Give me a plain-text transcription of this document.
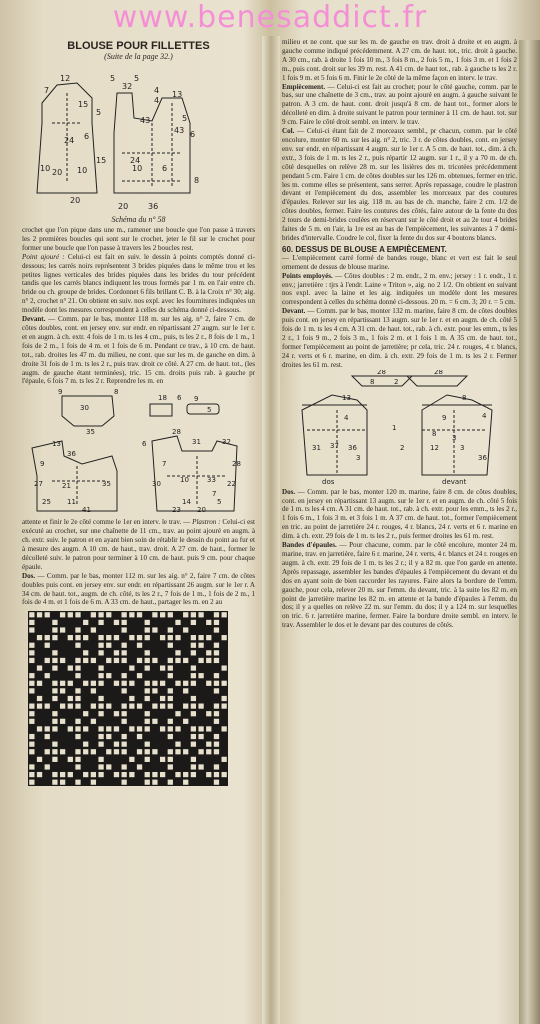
www.benesaddict.fr
BLOUSE POUR FILLETTES
(Suite de la page 32.)
12
7
20
15
5
24 6
20 10
32
5 5
13
4
43
43 6
24
36
8
20
10 6
5
4
15
10
Schéma du n° 58

crochet que l'on pique dans une m., ramener une boucle que l'on passe à travers les 2 premières boucles qui sont sur le crochet, jeter le fil sur le crochet pour former une boucle que l'on passe à travers les 2 boucles rest.

Point ajouré : Celui-ci est fait en suiv. le dessin à points comptés donné ci-dessous; les carrés noirs représentent 3 brides piquées dans le même trou et les petites lignes verticales des brides piquées dans les brides du tour précédent tandis que les carrés blancs indiquent les trous formés par 1 m. en l'air entre ch. bride ou ch. groupe de brides. Cordonnet 6 fils brillant C. B. à la Croix n° 30; aig. n° 2, crochet n° 21. On obtient en suiv. nos expl. avec les fournitures indiquées un modèle dont les mesures correspondent à celles du schéma donné ci-dessous.

Devant. — Comm. par le bas, monter 118 m. sur les aig. n° 2, faire 7 cm. de côtes doubles, cont. en jersey env. sur endr. en répartissant 27 augm. sur le 1er r. et en augm. à ch. extr. 4 fois de 1 m. ts les 4 cm., puis, ts les 2 r., 8 fois de 1 m., 1 fois de 2 m., 1 fois de 4 m. et 1 fois de 6 m. Pendant ce trav., à 10 cm. de haut. tot., rab. droites les 47 m. du milieu, ne cont. que sur les m. de gauche en dim. à droite 31 fois de 1 m. ts les 2 r., puis trav. droit ce côté. A 27 cm. de haut. tot., (les augm. de gauche étant terminées), tric. 15 cm. droits puis rab. à gauche pr l'épaule, 6 fois 7 m. ts les 2 r. Reprendre les m. en

9	8
30
35
18 6 9
5
13
36
27
9
21	35
11
41
25
6
28
31	32
7
10	33 22
14	5
20
7
23
30
28

attente et finir le 2e côté comme le 1er en interv. le trav. — Plastron : Celui-ci est exécuté au crochet, sur une chaînette de 11 cm., trav. au point ajouré en augm. à ch. extr. suiv. le patron et en ayant bien soin de rétablir le dessin du point au fur et à mesure des augm. A 10 cm. de haut., trav. droit. A 27 cm. de haut., former le décolleté suiv. le patron pour terminer à 10 cm. de haut. puis 9 cm. pour chaque épaule.

Dos. — Comm. par le bas, monter 112 m. sur les aig. n° 2, faire 7 cm. de côtes doubles puis cont. en jersey env. sur endr. en répartissant 26 augm. sur le 1er r. A 34 cm. de haut. tot., augm. de ch. côté, ts les 2 r., 7 fois de 1 m., 1 fois de 2 m., 1 fois de 4 m. et 1 fois de 6 m. A 33 cm. de haut., partager les m. en 2 au

milieu et ne cont. que sur les m. de gauche en trav. droit à droite et en augm. à gauche comme indiqué précédemment. A 27 cm. de haut. tot., tric. droit à gauche. A 30 cm., rab. à droite 1 fois 10 m., 3 fois 8 m., 2 fois 5 m., 1 fois 3 m. et 1 fois 2 m., puis cont. droit sur les 39 m. rest. A 41 cm. de haut tot., rab. à gauche ts les 2 r. 1 fois 9 m. et 5 fois 6 m. Finir le 2e côté de la même façon en interv. le trav.

Empiècement. — Celui-ci est fait au crochet; pour le côté gauche, comm. par le bas, sur une chaînette de 3 cm., trav. au point ajouré en augm. à gauche suivant le patron. A 3 cm. de haut. cont. droit jusqu'à 8 cm. de haut tot., former alors le décolleté en dim. à droite suivant le patron pour terminer à 11 cm. de haut. tot. sur 9 cm. Faire le côté droit sembl. en interv. le trav.

Col. — Celui-ci étant fait de 2 morceaux sembl., pr chacun, comm. par le côté encolure, monter 60 m. sur les aig. n° 2, tric. 3 r. de côtes doubles, cont. en jersey env. sur endr. en répartissant 4 augm. sur le 1er r. A 5 cm. de haut. tot., dim. à ch. extr., 3 fois de 1 m. ts les 2 r., puis répartir 12 augm. sur 1 r., il y a 70 m. de ch. côté desquelles on relève 28 m. sur les lisières des m. tricotées précédemment pendant 5 cm. Faire 1 cm. de côtes doubles sur les 126 m. obtenues, fermer en tric. les m. comme elles se présentent, sans serrer. Après repassage, coudre le plastron devant et l'empiècement du dos, assembler les morceaux par des coutures d'épaules. Relever sur les aig. 118 m. au bas de ch. manche, faire 2 cm. 1/2 de côtes doubles, fermer. Faire les coutures des côtés, faire autour de la fente du dos 2 tours de demi-brides coulées en réservant sur le côté droit et au 2e tour 4 brides faites de 5 m. en l'air, la 1re est au bas de l'empiècement, les suivantes à 7 demi-brides d'intervalle. Coudre le col, fixer la fente du dos sur 4 boutons blancs.

60. DESSUS DE BLOUSE A EMPIÈCEMENT.

— L'empiècement carré formé de bandes rouge, blanc et vert est fait le seul ornement de dessus de blouse marine.

Points employés. — Côtes doubles : 2 m. endr., 2 m. env.; jersey : 1 r. endr., 1 r. env.; jarretière : tjrs à l'endr. Laine « Triton », aig. no 2 1/2. On obtient en suivant nos expl. avec la laine et les aig. indiquées un modèle dont les mesures correspondent à celles du schéma donné ci-dessous. 20 m. = 6 cm. 3; 20 r. = 5 cm.

Devant. — Comm. par le bas, monter 132 m. marine, faire 8 cm. de côtes doubles puis cont. en jersey en répartissant 13 augm. sur le 1er r. et en augm. de ch. côté 5 fois de 1 m. ts les 4 cm. A 31 cm. de haut. tot., rab. à ch. extr. pour les emm., ts les 2 r., 1 fois 9 m., 2 fois 3 m., 1 fois 2 m. et 1 fois 1 m. A 35 cm. de haut. tot., former l'empiècement au point de jarretière; pr cela, tric. 24 r. rouges, 4 r. blancs, 24 r. verts et 6 r. marine, en dim. à ch. extr. 29 fois de 1 m. ts les 2 r. Fermer droites les 61 m. rest.

28	28
8	2
13	8
31 37
4
36
3
12
9
3
4
36
3
8
1
2
dos	devant

Dos. — Comm. par le bas, monter 120 m. marine, faire 8 cm. de côtes doubles, cont. en jersey en répartissant 13 augm. sur le 1er r. et en augm. de ch. côté 5 fois de 1 m. ts les 4 cm. A 31 cm. de haut. tot., rab. à ch. extr. pour les emm., ts les 2 r., 1 fois 6 m., 1 fois 3 m. et 3 fois 1 m. A 37 cm. de haut. tot., former l'empiècement en tric. au point de jarretière 24 r. rouges, 4 r. blancs, 24 r. verts et 6 r. marine en dim. à ch. extr. 29 fois de 1 m. ts les 2 r., puis fermer droites les 61 m. rest.

Bandes d'épaules. — Pour chacune, comm. par le côté encolure, monter 24 m. marine, trav. en jarretière, faire 6 r. marine, 24 r. verts, 4 r. blancs et 24 r. rouges en augm. à ch. extr. 29 fois de 1 m. ts les 2 r.; il y a 82 m. que l'on garde en attente. Après repassage, assembler les bandes d'épaules à l'empiècement du devant et du dos en ayant soin de bien raccorder les rayures. Faire alors la bordure de l'emm. gauche, pour cela, relever 20 m. sur l'emm. du devant, tric. à la suite les 82 m. en point de jarretière marine les 82 m. en attente et la bande d'épaules à l'emm. du dos; il y a quelles on relève 22 m. sur l'emm. du dos; il y a 124 m. sur lesquelles on tric. 6 r. jarretière marine, fermer. Faire la bordure droite sembl. en interv. le trav. Assembler le dos et le devant par des coutures de côtés.
